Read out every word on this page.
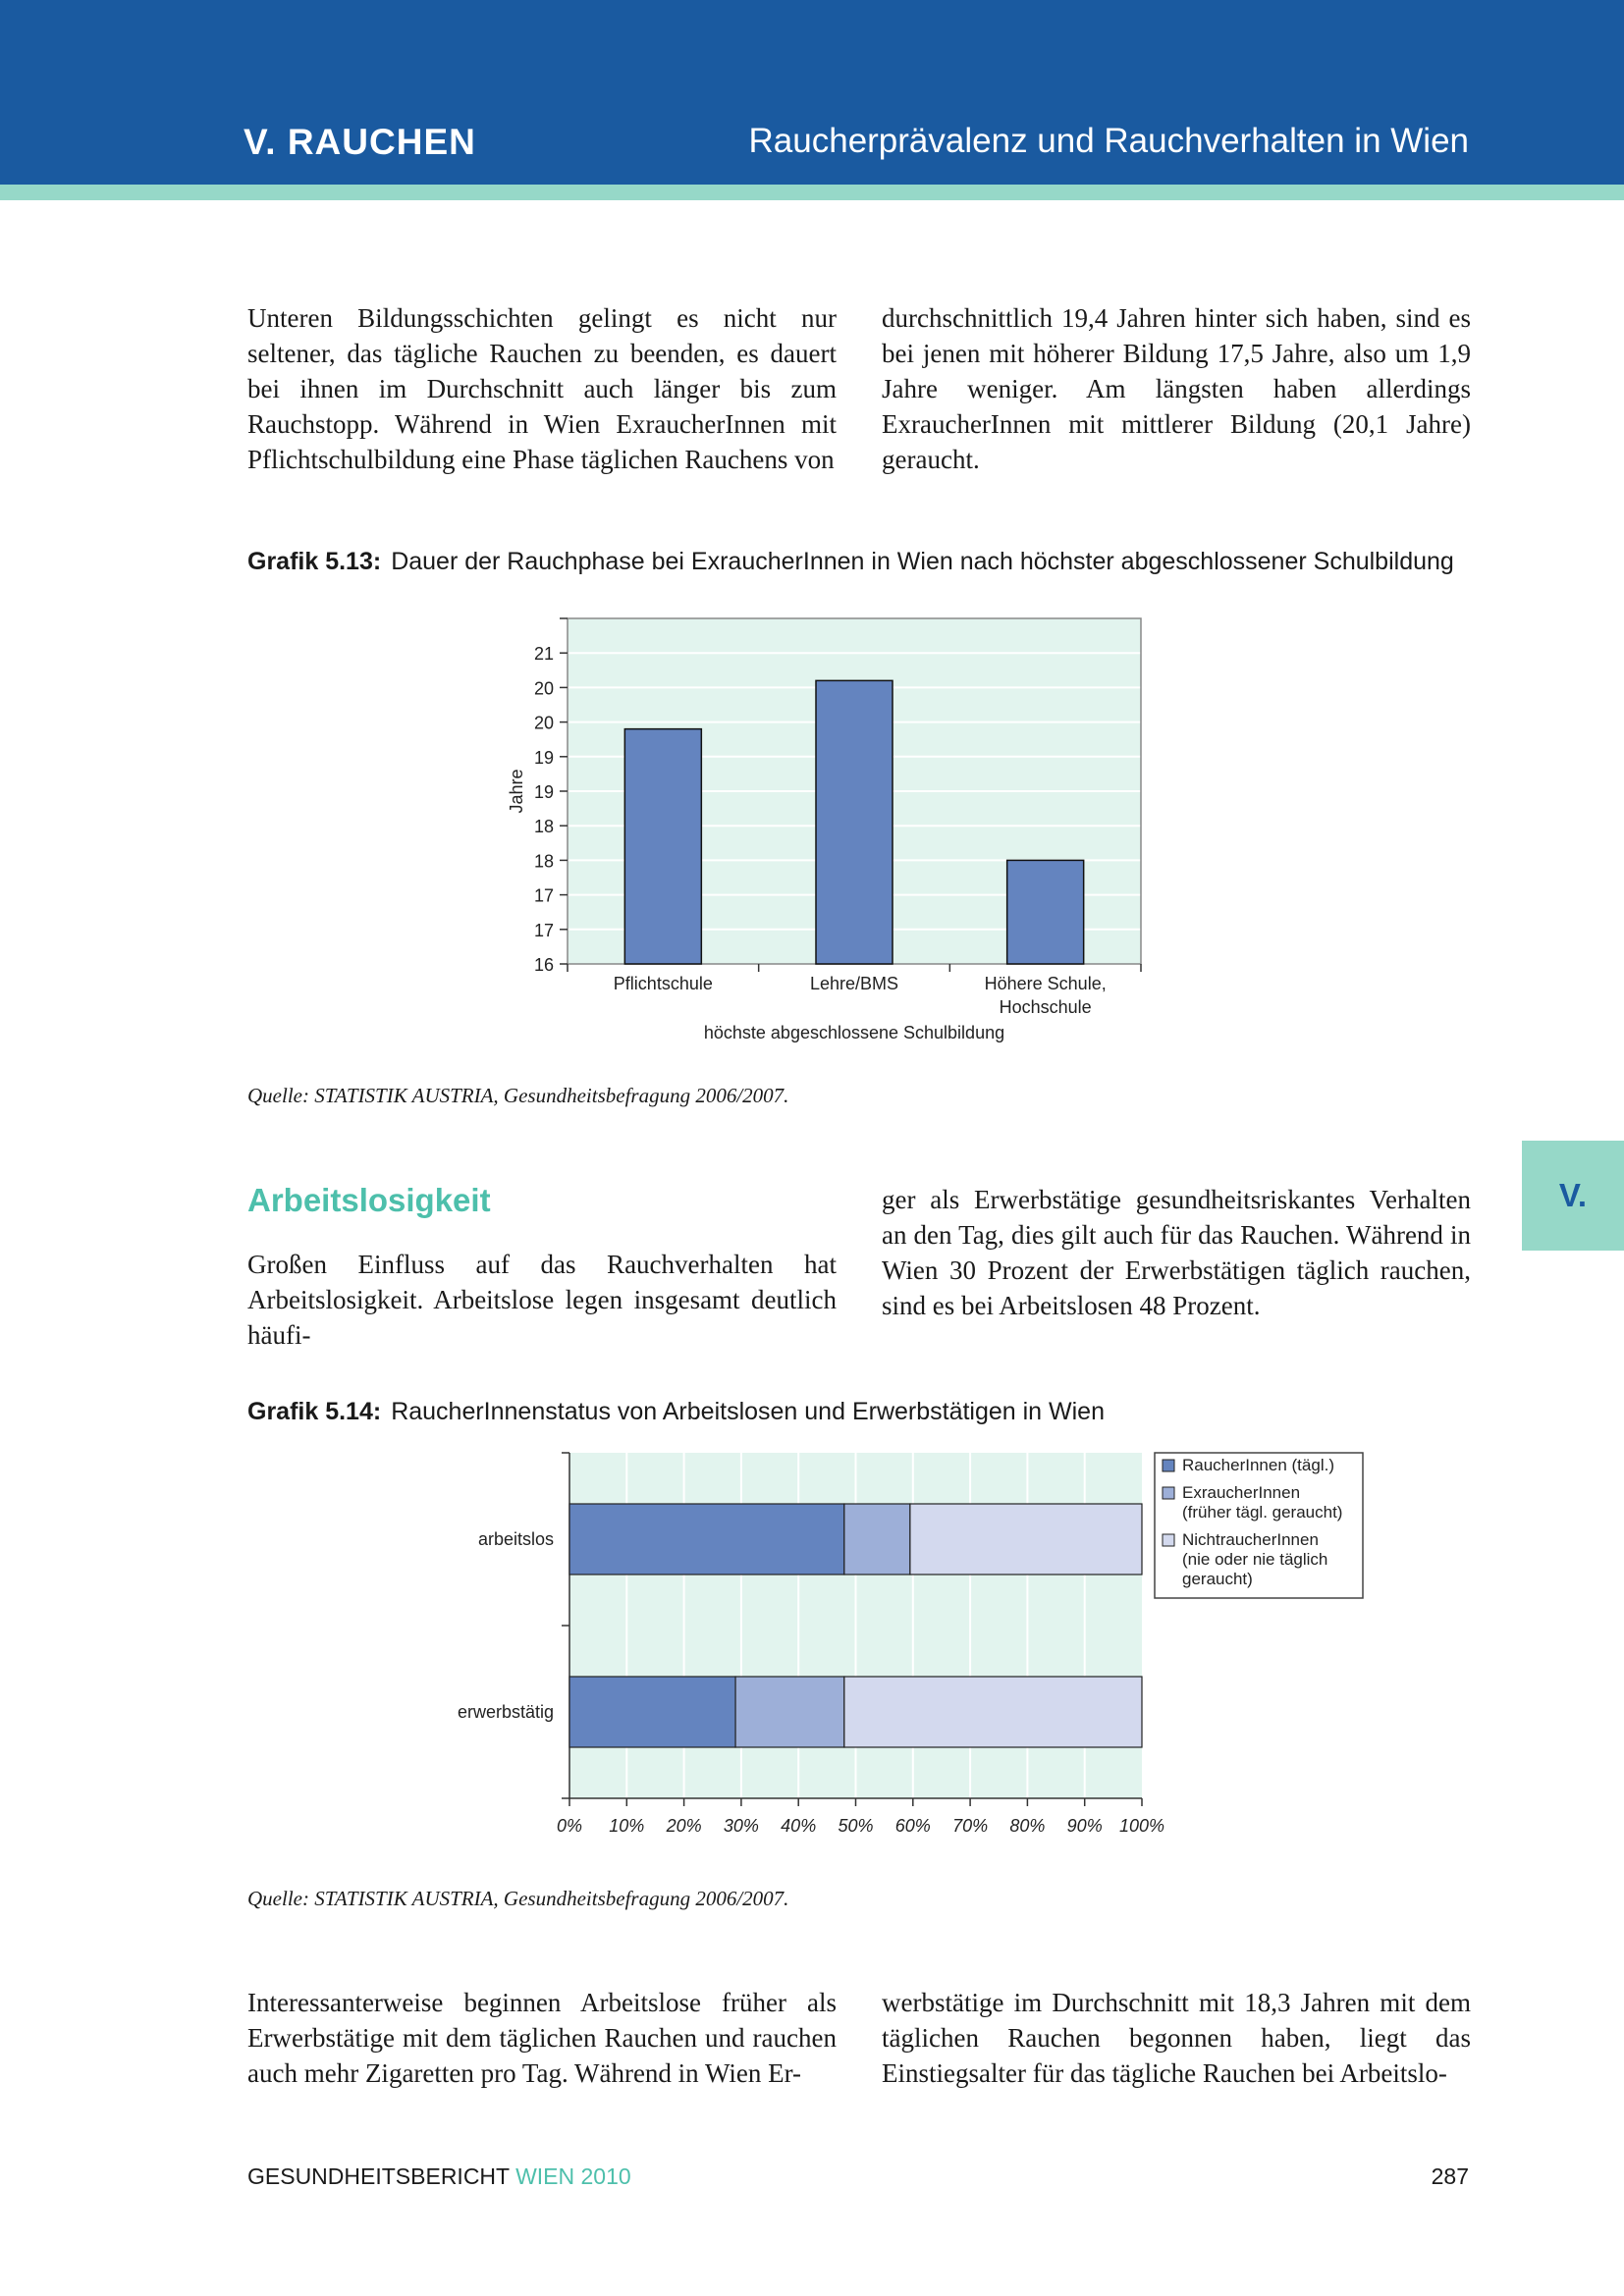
V. RAUCHEN	Raucherprävalenz und Rauchverhalten in Wien
V.

Unteren Bildungsschichten gelingt es nicht nur seltener, das tägliche Rauchen zu beenden, es dauert bei ihnen im Durchschnitt auch länger bis zum Rauchstopp. Während in Wien ExraucherInnen mit Pflichtschulbildung eine Phase täglichen Rauchens von

durchschnittlich 19,4 Jahren hinter sich haben, sind es bei jenen mit höherer Bildung 17,5 Jahre, also um 1,9 Jahre weniger. Am längsten haben allerdings ExraucherInnen mit mittlerer Bildung (20,1 Jahre) geraucht.

Grafik 5.13: Dauer der Rauchphase bei ExraucherInnen in Wien nach höchster abgeschlossener Schulbildung
16
17
17
18
18
19
19
20
20
21
Jahre
Pflichtschule	Lehre/BMS	Höhere Schule,
Hochschule
höchste abgeschlossene Schulbildung
Quelle: STATISTIK AUSTRIA, Gesundheitsbefragung 2006/2007.
Arbeitslosigkeit

Großen Einfluss auf das Rauchverhalten hat Arbeitslosigkeit. Arbeitslose legen insgesamt deutlich häufi-

ger als Erwerbstätige gesundheitsriskantes Verhalten an den Tag, dies gilt auch für das Rauchen. Während in Wien 30 Prozent der Erwerbstätigen täglich rauchen, sind es bei Arbeitslosen 48 Prozent.

Grafik 5.14: RaucherInnenstatus von Arbeitslosen und Erwerbstätigen in Wien
0% 10% 20% 30% 40% 50% 60% 70% 80% 90% 100%
arbeitslos
erwerbstätig
RaucherInnen (tägl.)
ExraucherInnen
(früher tägl. geraucht)
NichtraucherInnen
(nie oder nie täglich
geraucht)
Quelle: STATISTIK AUSTRIA, Gesundheitsbefragung 2006/2007.

Interessanterweise beginnen Arbeitslose früher als Erwerbstätige mit dem täglichen Rauchen und rauchen auch mehr Zigaretten pro Tag. Während in Wien Er-

werbstätige im Durchschnitt mit 18,3 Jahren mit dem täglichen Rauchen begonnen haben, liegt das Einstiegsalter für das tägliche Rauchen bei Arbeitslo-

GESUNDHEITSBERICHT WIEN 2010	287
